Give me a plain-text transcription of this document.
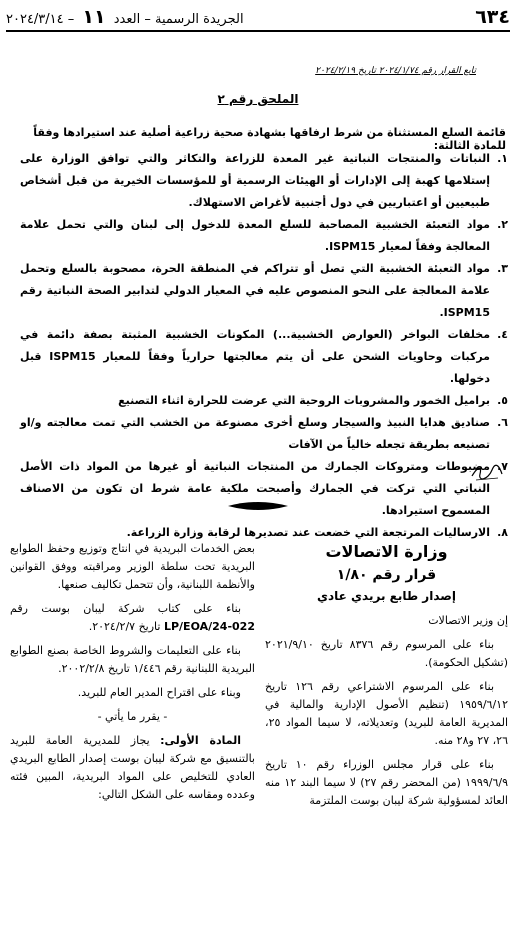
٦٣٤
الجريدة الرسمية – العدد ١١ – ٢٠٢٤/٣/١٤
تابع القرار رقم ٢٠٢٤/١/٧٤ تاريخ ٢٠٢٤/٢/١٩
الملحق رقم ٢
قائمة السلع المستثناة من شرط ارفاقها بشهادة صحية زراعية أصلية عند استيرادها وفقاً للمادة الثالثة:
١.
النباتات والمنتجات النباتية غير المعدة للزراعة والتكاثر والتي توافق الوزارة على إستلامها كهبة إلى الإدارات أو الهيئات الرسمية أو للمؤسسات الخيرية من قبل أشخاص طبيعيين أو اعتباريين في دول أجنبية لأغراض الاستهلاك.
٢.
مواد التعبئة الخشبية المصاحبة للسلع المعدة للدخول إلى لبنان والتي تحمل علامة المعالجة وفقاً لمعيار ISPM15.
٣.
مواد التعبئة الخشبية التي تصل أو تتراكم في المنطقة الحرة، مصحوبة بالسلع وتحمل علامة المعالجة على النحو المنصوص عليه في المعيار الدولي لتدابير الصحة النباتية رقم ISPM15.
٤.
مخلفات البواخر (العوارض الخشبية...) المكونات الخشبية المثبتة بصفة دائمة في مركبات وحاويات الشحن على أن يتم معالجتها حرارياً وفقاً للمعيار ISPM15 قبل دخولها.
٥.
براميل الخمور والمشروبات الروحية التي عرضت للحرارة اثناء التصنيع
٦.
صناديق هدايا النبيذ والسيجار وسلع أخرى مصنوعة من الخشب التي تمت معالجته و/او تصنيعه بطريقة تجعله خالياً من الآفات
٧.
مضبوطات ومتروكات الجمارك من المنتجات النباتية أو غيرها من المواد ذات الأصل النباتي التي تركت في الجمارك وأصبحت ملكية عامة شرط ان تكون من الاصناف المسموح استيرادها.
٨.
الارساليات المرتجعة التي خضعت عند تصديرها لرقابة وزارة الزراعة.
وزارة الاتصالات
قرار رقم ١/٨٠
إصدار طابع بريدي عادي
إن وزير الاتصالات
بناء على المرسوم رقم ٨٣٧٦ تاريخ ٢٠٢١/٩/١٠ (تشكيل الحكومة).
بناء على المرسوم الاشتراعي رقم ١٢٦ تاريخ ١٩٥٩/٦/١٢ (تنظيم الأصول الإدارية والمالية في المديرية العامة للبريد) وتعديلاته، لا سيما المواد ٢٥، ٢٦، ٢٧ و٢٨ منه.
بناء على قرار مجلس الوزراء رقم ١٠ تاريخ ١٩٩٩/٦/٩ (من المحضر رقم ٢٧) لا سيما البند ١٢ منه العائد لمسؤولية شركة ليبان بوست الملتزمة
بعض الخدمات البريدية في انتاج وتوزيع وحفظ الطوابع البريدية تحت سلطة الوزير ومراقبته ووفق القوانين والأنظمة اللبنانية، وأن تتحمل تكاليف صنعها.
بناء على كتاب شركة ليبان بوست رقم LP/EOA/24-022 تاريخ ٢٠٢٤/٢/٧.
بناء على التعليمات والشروط الخاصة بصنع الطوابع البريدية اللبنانية رقم ١/٤٤٦ تاريخ ٢٠٠٢/٢/٨.
وبناء على اقتراح المدير العام للبريد.
- يقرر ما يأتي -
المادة الأولى: يجاز للمديرية العامة للبريد بالتنسيق مع شركة ليبان بوست إصدار الطابع البريدي العادي للتخليص على المواد البريدية، المبين فئته وعدده ومقاسه على الشكل التالي:
